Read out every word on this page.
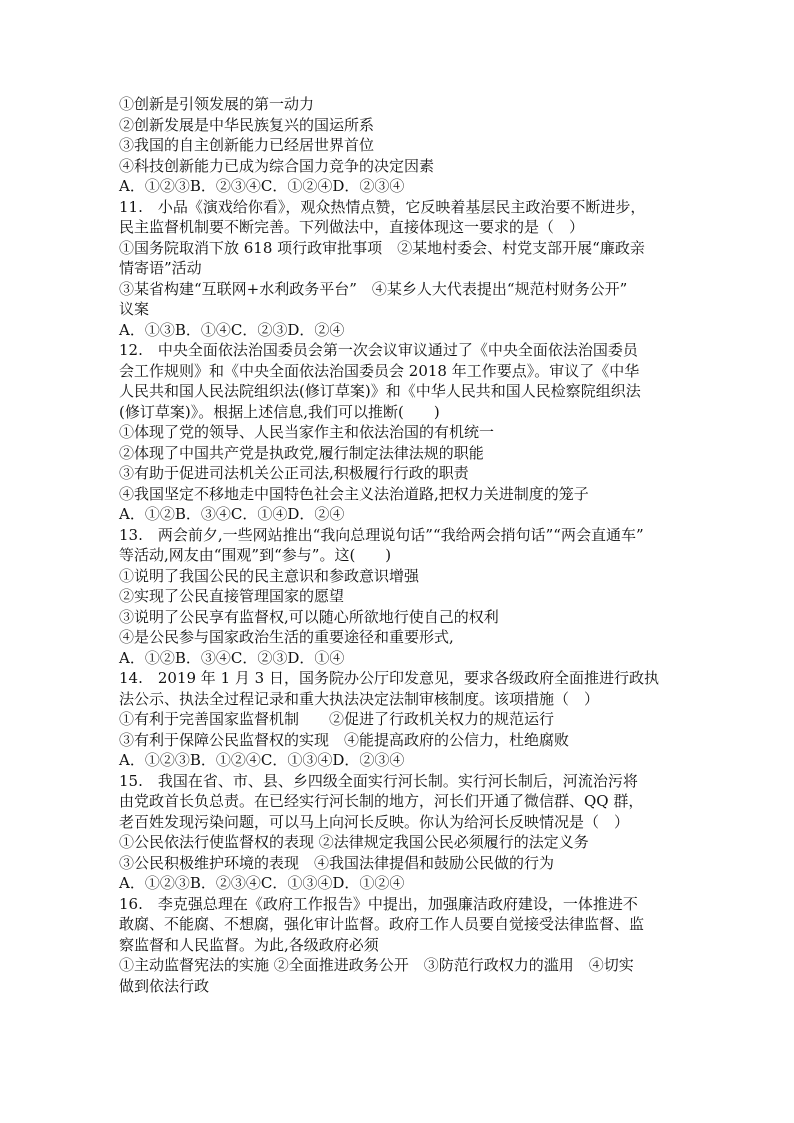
①创新是引领发展的第一动力
②创新发展是中华民族复兴的国运所系
③我国的自主创新能力已经居世界首位
④科技创新能力已成为综合国力竞争的决定因素
A．①②③B．②③④C．①②④D．②③④
11.　小品《演戏给你看》，观众热情点赞，它反映着基层民主政治要不断进步，
民主监督机制要不断完善。下列做法中，直接体现这一要求的是（　）
①国务院取消下放 618 项行政审批事项　②某地村委会、村党支部开展“廉政亲
情寄语”活动
③某省构建“互联网+水利政务平台”　④某乡人大代表提出“规范村财务公开”
议案
A．①③B．①④C．②③D．②④
12.　中央全面依法治国委员会第一次会议审议通过了《中央全面依法治国委员
会工作规则》和《中央全面依法治国委员会 2018 年工作要点》。审议了《中华
人民共和国人民法院组织法(修订草案)》和《中华人民共和国人民检察院组织法
(修订草案)》。根据上述信息,我们可以推断(　　)
①体现了党的领导、人民当家作主和依法治国的有机统一
②体现了中国共产党是执政党,履行制定法律法规的职能
③有助于促进司法机关公正司法,积极履行行政的职责
④我国坚定不移地走中国特色社会主义法治道路,把权力关进制度的笼子
A．①②B．③④C．①④D．②④
13.　两会前夕,一些网站推出“我向总理说句话”“我给两会捎句话”“两会直通车”
等活动,网友由“围观”到“参与”。这(　　)
①说明了我国公民的民主意识和参政意识增强
②实现了公民直接管理国家的愿望
③说明了公民享有监督权,可以随心所欲地行使自己的权利
④是公民参与国家政治生活的重要途径和重要形式,
A．①②B．③④C．②③D．①④
14.　2019 年 1 月 3 日，国务院办公厅印发意见，要求各级政府全面推进行政执
法公示、执法全过程记录和重大执法决定法制审核制度。该项措施（　）
①有利于完善国家监督机制　　②促进了行政机关权力的规范运行
③有利于保障公民监督权的实现　④能提高政府的公信力，杜绝腐败
A．①②③B．①②④C．①③④D．②③④
15.　我国在省、市、县、乡四级全面实行河长制。实行河长制后，河流治污将
由党政首长负总责。在已经实行河长制的地方，河长们开通了微信群、QQ 群，
老百姓发现污染问题，可以马上向河长反映。你认为给河长反映情况是（　）
①公民依法行使监督权的表现 ②法律规定我国公民必须履行的法定义务
③公民积极维护环境的表现　④我国法律提倡和鼓励公民做的行为
A．①②③B．②③④C．①③④D．①②④
16.　李克强总理在《政府工作报告》中提出，加强廉洁政府建设，一体推进不
敢腐、不能腐、不想腐，强化审计监督。政府工作人员要自觉接受法律监督、监
察监督和人民监督。为此,各级政府必须
①主动监督宪法的实施 ②全面推进政务公开　③防范行政权力的滥用　④切实
做到依法行政
